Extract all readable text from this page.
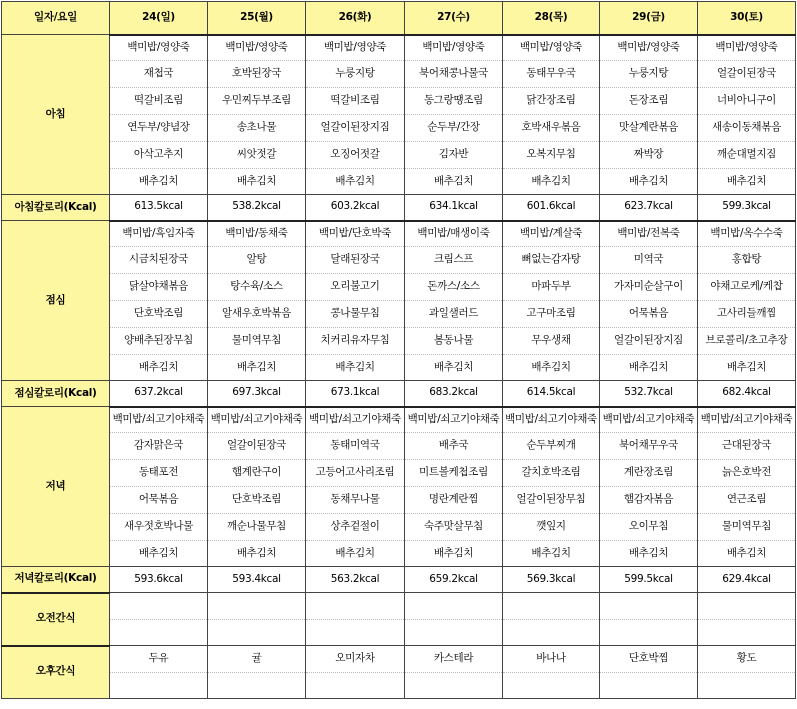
일자/요일	24(일)	25(월)	26(화)	27(수)	28(목)	29(금)	30(토)
아침	백미밥/영양죽	백미밥/영양죽	백미밥/영양죽	백미밥/영양죽	백미밥/영양죽	백미밥/영양죽	백미밥/영양죽
	재첩국	호박된장국	누룽지탕	북어채콩나물국	동태무우국	누룽지탕	얼갈이된장국
	떡갈비조림	우민찌두부조림	떡갈비조림	동그랑땡조림	닭간장조림	돈장조림	너비아니구이
	연두부/양념장	송초나물	얼갈이된장지짐	순두부/간장	호박새우볶음	맛살계란볶음	새송이동채볶음
	아삭고추지	씨앗젓갈	오징어젓갈	김자반	오복지무침	짜박장	깨순대멸지짐
	배추김치	배추김치	배추김치	배추김치	배추김치	배추김치	배추김치
아침칼로리(Kcal)	613.5kcal	538.2kcal	603.2kcal	634.1kcal	601.6kcal	623.7kcal	599.3kcal
점심	백미밥/흑임자죽	백미밥/동채죽	백미밥/단호박죽	백미밥/매생이죽	백미밥/계살죽	백미밥/전복죽	백미밥/옥수수죽
	시금치된장국	알탕	달래된장국	크림스프	뼈없는감자탕	미역국	홍합탕
	닭살야채볶음	탕수육/소스	오리불고기	돈까스/소스	마파두부	가자미순살구이	야채고로케/케찹
	단호박조림	알새우호박볶음	콩나물무침	과일샐러드	고구마조림	어묵볶음	고사리들깨찜
	양배추된장무침	물미역무침	치커리유자무침	봄동나물	무우생채	얼갈이된장지짐	브로콜리/초고추장
	배추김치	배추김치	배추김치	배추김치	배추김치	배추김치	배추김치
점심칼로리(Kcal)	637.2kcal	697.3kcal	673.1kcal	683.2kcal	614.5kcal	532.7kcal	682.4kcal
저녁	백미밥/쇠고기야채죽	백미밥/쇠고기야채죽	백미밥/쇠고기야채죽	백미밥/쇠고기야채죽	백미밥/쇠고기야채죽	백미밥/쇠고기야채죽	백미밥/쇠고기야채죽
	감자맑은국	얼갈이된장국	동태미역국	배추국	순두부찌개	북어채무우국	근대된장국
	동태포전	햄계란구이	고등어고사리조림	미트볼케첩조림	갈치호박조림	계란장조림	늙은호박전
	어묵볶음	단호박조림	동채무나물	명란계란찜	얼갈이된장무침	햄감자볶음	연근조림
	새우젓호박나물	깨순나물무침	상추겉절이	숙주맛살무침	깻잎지	오이무침	물미역무침
	배추김치	배추김치	배추김치	배추김치	배추김치	배추김치	배추김치
저녁칼로리(Kcal)	593.6kcal	593.4kcal	563.2kcal	659.2kcal	569.3kcal	599.5kcal	629.4kcal
오전간식							

오후간식	두유	귤	오미자차	카스테라	바나나	단호박찜	황도
